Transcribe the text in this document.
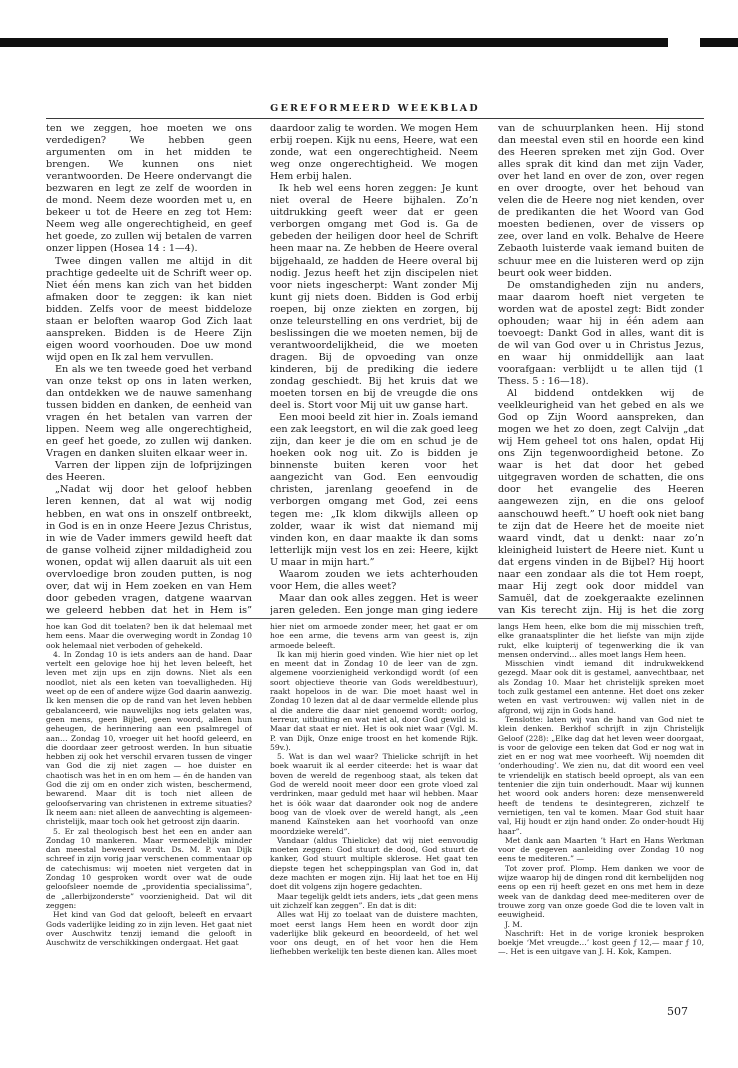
GEREFORMEERD WEEKBLAD

ten we zeggen, hoe moeten we ons verdedigen? We hebben geen argumenten om in het midden te brengen. We kunnen ons niet verantwoorden. De Heere ondervangt die bezwaren en legt ze zelf de woorden in de mond. Neem deze woorden met u, en bekeer u tot de Heere en zeg tot Hem: Neem weg alle ongerechtigheid, en geef het goede, zo zullen wij betalen de varren onzer lippen (Hosea 14 : 1—4).

Twee dingen vallen me altijd in dit prachtige gedeelte uit de Schrift weer op. Niet één mens kan zich van het bidden afmaken door te zeggen: ik kan niet bidden. Zelfs voor de meest biddeloze staan er beloften waarop God Zich laat aanspreken. Bidden is de Heere Zijn eigen woord voorhouden. Doe uw mond wijd open en Ik zal hem vervullen.

En als we ten tweede goed het verband van onze tekst op ons in laten werken, dan ontdekken we de nauwe samenhang tussen bidden en danken, de eenheid van vragen én het betalen van varren der lippen. Neem weg alle ongerechtigheid, en geef het goede, zo zullen wij danken. Vragen en danken sluiten elkaar weer in.

Varren der lippen zijn de lofprijzingen des Heeren.

„Nadat wij door het geloof hebben leren kennen, dat al wat wij nodig hebben, en wat ons in onszelf ontbreekt, in God is en in onze Heere Jezus Christus, in wie de Vader immers gewild heeft dat de ganse volheid zijner mildadigheid zou wonen, opdat wij allen daaruit als uit een overvloedige bron zouden putten, is nog over, dat wij in Hem zoeken en van Hem door gebeden vragen, datgene waarvan we geleerd hebben dat het in Hem is”

daardoor zalig te worden. We mogen Hem erbij roepen. Kijk nu eens, Heere, wat een zonde, wat een ongerechtigheid. Neem weg onze ongerechtigheid. We mogen Hem erbij halen.

Ik heb wel eens horen zeggen: Je kunt niet overal de Heere bijhalen. Zo’n uitdrukking geeft weer dat er geen verborgen omgang met God is. Ga de gebeden der heiligen door heel de Schrift heen maar na. Ze hebben de Heere overal bijgehaald, ze hadden de Heere overal bij nodig. Jezus heeft het zijn discipelen niet voor niets ingescherpt: Want zonder Mij kunt gij niets doen. Bidden is God erbij roepen, bij onze ziekten en zorgen, bij onze teleurstelling en ons verdriet, bij de beslissingen die we moeten nemen, bij de verantwoordelijkheid, die we moeten dragen. Bij de opvoeding van onze kinderen, bij de prediking die iedere zondag geschiedt. Bij het kruis dat we moeten torsen en bij de vreugde die ons deel is. Stort voor Mij uit uw ganse hart.

Een mooi beeld zit hier in. Zoals iemand een zak leegstort, en wil die zak goed leeg zijn, dan keer je die om en schud je de hoeken ook nog uit. Zo is bidden je binnenste buiten keren voor het aangezicht van God. Een eenvoudig christen, jarenlang geoefend in de verborgen omgang met God, zei eens tegen me: „Ik klom dikwijls alleen op zolder, waar ik wist dat niemand mij vinden kon, en daar maakte ik dan soms letterlijk mijn vest los en zei: Heere, kijkt U maar in mijn hart.”

Waarom zouden we iets achterhouden voor Hem, die alles weet?

Maar dan ook alles zeggen. Het is weer jaren geleden. Een jonge man ging iedere

van de schuurplanken heen. Hij stond dan meestal even stil en hoorde een kind des Heeren spreken met zijn God. Over alles sprak dit kind dan met zijn Vader, over het land en over de zon, over regen en over droogte, over het behoud van velen die de Heere nog niet kenden, over de predikanten die het Woord van God moesten bedienen, over de vissers op zee, over land en volk. Behalve de Heere Zebaoth luisterde vaak iemand buiten de schuur mee en die luisteren werd op zijn beurt ook weer bidden.

De omstandigheden zijn nu anders, maar daarom hoeft niet vergeten te worden wat de apostel zegt: Bidt zonder ophouden; waar hij in één adem aan toevoegt: Dankt God in alles, want dit is de wil van God over u in Christus Jezus, en waar hij onmiddellijk aan laat voorafgaan: verblijdt u te allen tijd (1 Thess. 5 : 16—18).

Al biddend ontdekken wij de veelkleurigheid van het gebed en als we God op Zijn Woord aanspreken, dan mogen we het zo doen, zegt Calvijn „dat wij Hem geheel tot ons halen, opdat Hij ons Zijn tegenwoordigheid betone. Zo waar is het dat door het gebed uitgegraven worden de schatten, die ons door het evangelie des Heeren aangewezen zijn, en die ons geloof aanschouwd heeft.” U hoeft ook niet bang te zijn dat de Heere het de moeite niet waard vindt, dat u denkt: naar zo’n kleinigheid luistert de Heere niet. Kunt u dat ergens vinden in de Bijbel? Hij hoort naar een zondaar als die tot Hem roept, maar Hij zegt ook door middel van Samuël, dat de zoekgeraakte ezelinnen van Kis terecht zijn. Hij is het die zorg

hoe kan God dit toelaten? ben ik dat helemaal met hem eens. Maar die overweging wordt in Zondag 10 ook helemaal niet verboden of gehekeld.

4. In Zondag 10 is iets anders aan de hand. Daar vertelt een gelovige hoe hij het leven beleeft, het leven met zijn ups en zijn downs. Niet als een noodlot, niet als een keten van toevalligheden. Hij weet op de een of andere wijze God daarin aanwezig. Ik ken mensen die op de rand van het leven hebben gebalanceerd, wie nauwelijks nog iets gelaten was, geen mens, geen Bijbel, geen woord, alleen hun geheugen, de herinnering aan een psalmregel of aan… Zondag 10, vroeger uit het hoofd geleerd, en die doordaar zeer getroost werden. In hun situatie hebben zij ook het verschil ervaren tussen de vinger van God die zij niet zagen — hoe duister en chaotisch was het in en om hem — én de handen van God die zij om en onder zich wisten, beschermend, bewarend. Maar dit is toch niet alleen de geloofservaring van christenen in extreme situaties? Ik neem aan: niet alleen de aanvechting is algemeen-christelijk, maar toch ook het getroost zijn daarin.

5. Er zal theologisch best het een en ander aan Zondag 10 mankeren. Maar vermoedelijk minder dan meestal beweerd wordt. Ds. M. P. van Dijk schreef in zijn vorig jaar verschenen commentaar op de catechismus: wij moeten niet vergeten dat in Zondag 10 gesproken wordt over wat de oude geloofsleer noemde de „providentia specialissima”, de „allerbijzonderste” voorzienigheid. Dat wil dit zeggen:

Het kind van God dat gelooft, beleeft en ervaart Gods vaderlijke leiding zo in zijn leven. Het gaat niet over Auschwitz tenzij iemand die gelooft in Auschwitz de verschikkingen ondergaat. Het gaat

hier niet om armoede zonder meer, het gaat er om hoe een arme, die tevens arm van geest is, zijn armoede beleeft.

Ik kan mij hierin goed vinden. Wie hier niet op let en meent dat in Zondag 10 de leer van de zgn. algemene voorzienigheid verkondigd wordt (of een soort objectieve theorie van Gods wereldbestuur), raakt hopeloos in de war. Die moet haast wel in Zondag 10 lezen dat al de daar vermelde ellende plus al die andere die daar niet genoemd wordt: oorlog, terreur, uitbuiting en wat niet al, door God gewild is. Maar dat staat er niet. Het is ook niet waar (Vgl. M. P. van Dijk, Onze enige troost en het komende Rijk. 59v.).

5. Wat is dan wel waar? Thielicke schrijft in het boek waaruit ik al eerder citeerde: het is waar dat boven de wereld de regenboog staat, als teken dat God de wereld nooit meer door een grote vloed zal verdrinken, maar geduld met haar wil hebben. Maar het is óók waar dat daaronder ook nog de andere boog van de vloek over de wereld hangt, als „een manend Kaïnsteken aan het voorhoofd van onze moordzieke wereld”.

Vandaar (aldus Thielicke) dat wij niet eenvoudig moeten zeggen: God stuurt de dood, God stuurt de kanker, God stuurt multiple sklerose. Het gaat ten diepste tegen het scheppingsplan van God in, dat deze machten er mogen zijn. Hij laat het toe en Hij doet dit volgens zijn hogere gedachten.

Maar tegelijk geldt iets anders, iets „dat geen mens uit zichzelf kan zeggen”. En dat is dit:

Alles wat Hij zo toelaat van de duistere machten, moet eerst langs Hem heen en wordt door zijn vaderlijke blik gekeurd en beoordeeld, of het wel voor ons deugt, en of het voor hen die Hem liefhebben werkelijk ten beste dienen kan. Alles moet

langs Hem heen, elke bom die mij misschien treft, elke granaatsplinter die het liefste van mijn zijde rukt, elke kuipterij of tegenwerking die ik van mensen ondervind… alles moet langs Hem heen.

Misschien vindt iemand dit indrukwekkend gezegd. Maar ook dit is gestamel, aanvechtbaar, net als Zondag 10. Maar het christelijk spreken moet toch zulk gestamel een antenne. Het doet ons zeker weten en vast vertrouwen: wij vallen niet in de afgrond, wij zijn in Gods hand.

Tenslotte: laten wij van de hand van God niet te klein denken. Berkhof schrijft in zijn Christelijk Geloof (228): „Elke dag dat het leven weer doorgaat, is voor de gelovige een teken dat God er nog wat in ziet en er nog wat mee voorheeft. Wij noemden dit ‘onderhouding’. We zien nu, dat dit woord een veel te vriendelijk en statisch beeld oproept, als van een tentenier die zijn tuin onderhoudt. Maar wij kunnen het woord ook anders horen: deze mensenwereld heeft de tendens te desintegreren, zichzelf te vernietigen, ten val te komen. Maar God stuit haar val, Hij houdt er zijn hand onder. Zo onder-houdt Hij haar”.

Met dank aan Maarten ’t Hart en Hans Werkman voor de gegeven aanleiding over Zondag 10 nog eens te mediteren.” —

Tot zover prof. Plomp. Hem danken we voor de wijze waarop hij de dingen rond dit kernbelijden nog eens op een rij heeft gezet en ons met hem in deze week van de dankdag deed mee-mediteren over de trouwe zorg van onze goede God die te loven valt in eeuwigheid.

J. M.

Naschrift: Het in de vorige kroniek besproken boekje ‘Met vreugde…’ kost geen ƒ 12,— maar ƒ 10,—. Het is een uitgave van J. H. Kok, Kampen.

507
